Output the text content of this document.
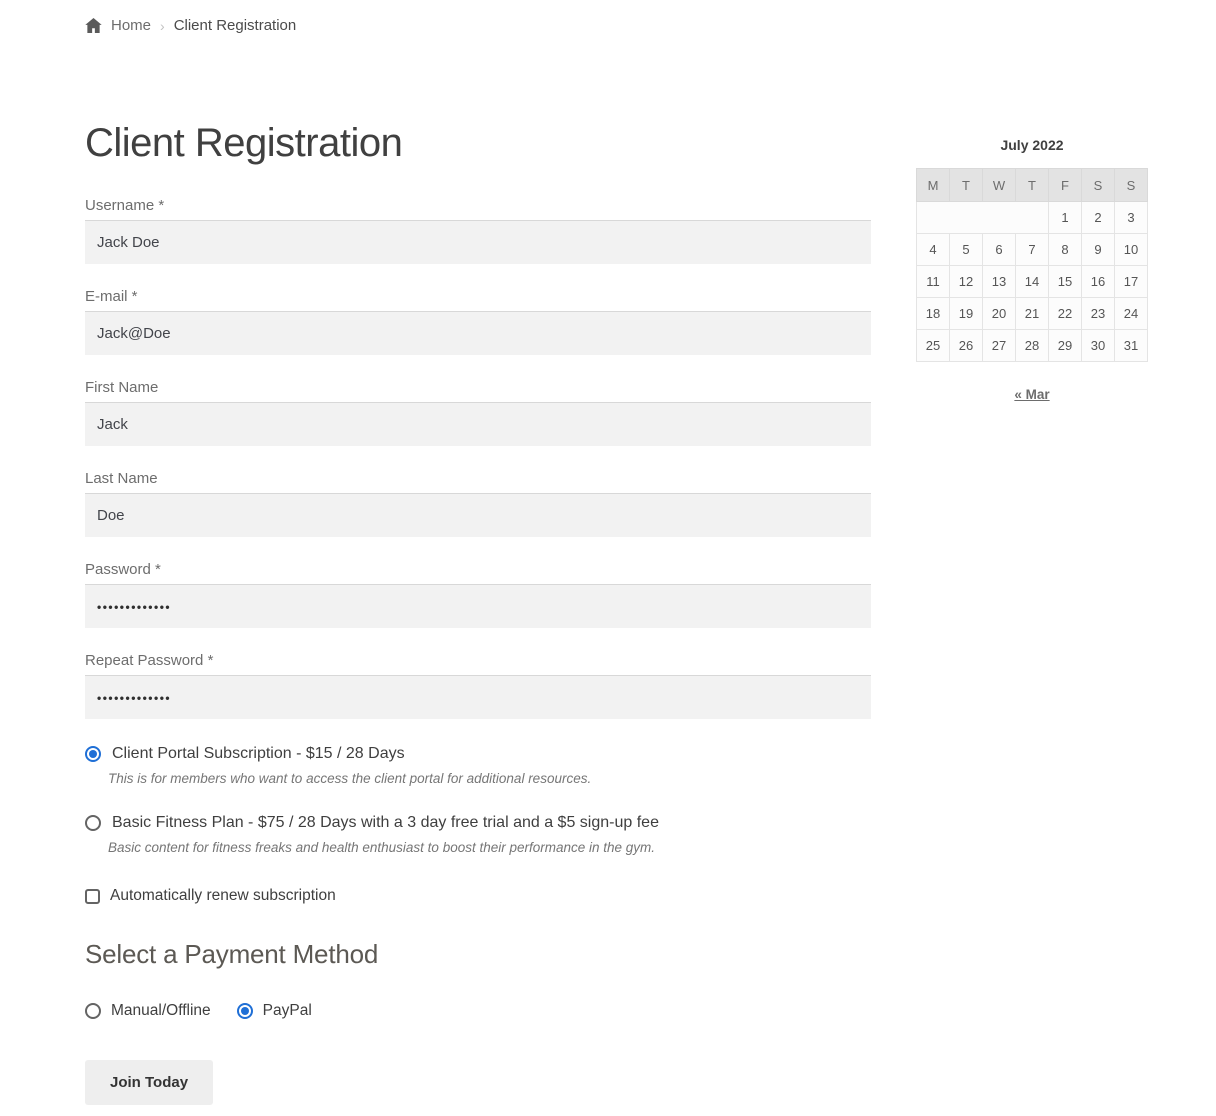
Home › Client Registration
Client Registration
Username *
Jack Doe
E-mail *
Jack@Doe
First Name
Jack
Last Name
Doe
Password *
•••••••••••••
Repeat Password *
•••••••••••••
Client Portal Subscription - $15 / 28 Days
This is for members who want to access the client portal for additional resources.
Basic Fitness Plan - $75 / 28 Days with a 3 day free trial and a $5 sign-up fee
Basic content for fitness freaks and health enthusiast to boost their performance in the gym.
Automatically renew subscription
Select a Payment Method
Manual/Offline	PayPal
Join Today
July 2022
M	T	W	T	F	S	S
				1	2	3
4	5	6	7	8	9	10
11	12	13	14	15	16	17
18	19	20	21	22	23	24
25	26	27	28	29	30	31
« Mar
